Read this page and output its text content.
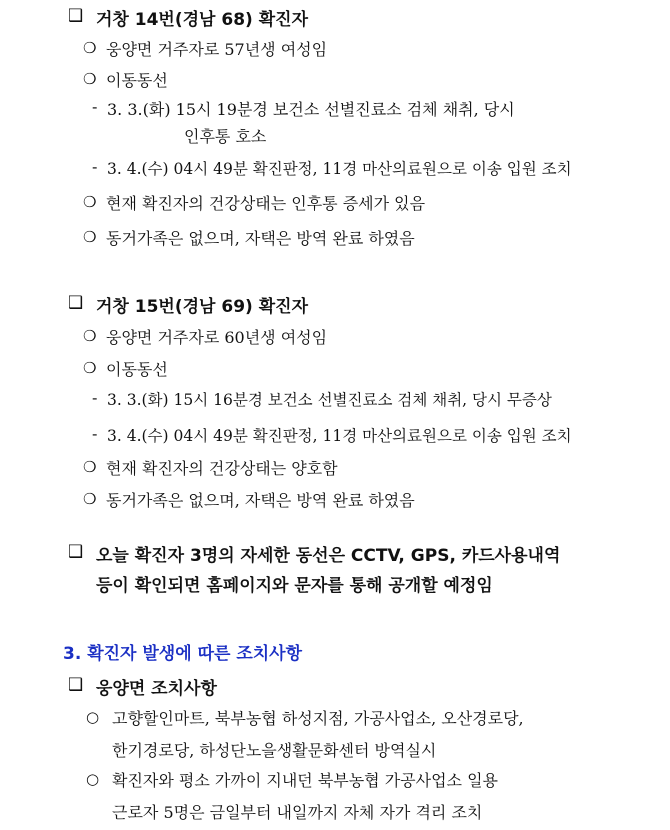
❑ 거창 14번(경남 68) 확진자
❍ 웅양면 거주자로 57년생 여성임
❍ 이동동선
- 3. 3.(화) 15시 19분경 보건소 선별진료소 검체 채취, 당시
인후통 호소
- 3. 4.(수) 04시 49분 확진판정, 11경 마산의료원으로 이송 입원 조치
❍ 현재 확진자의 건강상태는 인후통 증세가 있음
❍ 동거가족은 없으며, 자택은 방역 완료 하였음
❑ 거창 15번(경남 69) 확진자
❍ 웅양면 거주자로 60년생 여성임
❍ 이동동선
- 3. 3.(화) 15시 16분경 보건소 선별진료소 검체 채취, 당시 무증상
- 3. 4.(수) 04시 49분 확진판정, 11경 마산의료원으로 이송 입원 조치
❍ 현재 확진자의 건강상태는 양호함
❍ 동거가족은 없으며, 자택은 방역 완료 하였음
❑ 오늘 확진자 3명의 자세한 동선은 CCTV, GPS, 카드사용내역
등이 확인되면 홈페이지와 문자를 통해 공개할 예정임
3. 확진자 발생에 따른 조치사항
❑ 웅양면 조치사항
○ 고향할인마트, 북부농협 하성지점, 가공사업소, 오산경로당,
한기경로당, 하성단노을생활문화센터 방역실시
○ 확진자와 평소 가까이 지내던 북부농협 가공사업소 일용
근로자 5명은 금일부터 내일까지 자체 자가 격리 조치
